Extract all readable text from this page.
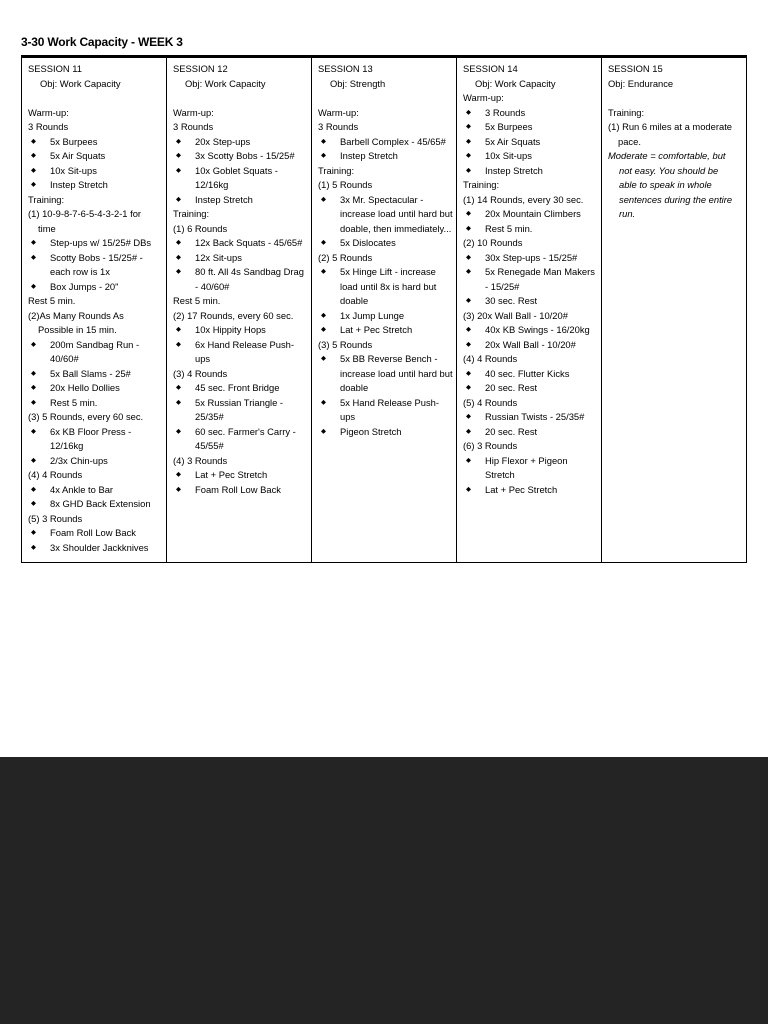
3-30 Work Capacity - WEEK 3
SESSION 11
Obj: Work Capacity

Warm-up:
3 Rounds
◆ 5x Burpees
◆ 5x Air Squats
◆ 10x Sit-ups
◆ Instep Stretch
Training:
(1) 10-9-8-7-6-5-4-3-2-1 for
time
◆ Step-ups w/ 15/25# DBs
◆ Scotty Bobs - 15/25# -
each row is 1x
◆ Box Jumps - 20"
Rest 5 min.
(2)As Many Rounds As
Possible in 15 min.
◆ 200m Sandbag Run -
40/60#
◆ 5x Ball Slams - 25#
◆ 20x Hello Dollies
◆ Rest 5 min.
(3) 5 Rounds, every 60 sec.
◆ 6x KB Floor Press -
12/16kg
◆ 2/3x Chin-ups
(4) 4 Rounds
◆ 4x Ankle to Bar
◆ 8x GHD Back Extension
(5) 3 Rounds
◆ Foam Roll Low Back
◆ 3x Shoulder Jackknives
SESSION 12
Obj: Work Capacity

Warm-up:
3 Rounds
◆ 20x Step-ups
◆ 3x Scotty Bobs - 15/25#
◆ 10x Goblet Squats -
12/16kg
◆ Instep Stretch
Training:
(1) 6 Rounds
◆ 12x Back Squats - 45/65#
◆ 12x Sit-ups
◆ 80 ft. All 4s Sandbag Drag
- 40/60#
Rest 5 min.
(2) 17 Rounds, every 60 sec.
◆ 10x Hippity Hops
◆ 6x Hand Release Push-
ups
(3) 4 Rounds
◆ 45 sec. Front Bridge
◆ 5x Russian Triangle -
25/35#
◆ 60 sec. Farmer's Carry -
45/55#
(4) 3 Rounds
◆ Lat + Pec Stretch
◆ Foam Roll Low Back
SESSION 13
Obj: Strength

Warm-up:
3 Rounds
◆ Barbell Complex - 45/65#
◆ Instep Stretch
Training:
(1) 5 Rounds
◆ 3x Mr. Spectacular -
increase load until hard but
doable, then immediately...
◆ 5x Dislocates
(2) 5 Rounds
◆ 5x Hinge Lift - increase
load until 8x is hard but
doable
◆ 1x Jump Lunge
◆ Lat + Pec Stretch
(3) 5 Rounds
◆ 5x BB Reverse Bench -
increase load until hard but
doable
◆ 5x Hand Release Push-
ups
◆ Pigeon Stretch
SESSION 14
Obj: Work Capacity
Warm-up:
◆ 3 Rounds
◆ 5x Burpees
◆ 5x Air Squats
◆ 10x Sit-ups
◆ Instep Stretch
Training:
(1) 14 Rounds, every 30 sec.
◆ 20x Mountain Climbers
◆ Rest 5 min.
(2) 10 Rounds
◆ 30x Step-ups - 15/25#
◆ 5x Renegade Man Makers
- 15/25#
◆ 30 sec. Rest
(3) 20x Wall Ball - 10/20#
◆ 40x KB Swings - 16/20kg
◆ 20x Wall Ball - 10/20#
(4) 4 Rounds
◆ 40 sec. Flutter Kicks
◆ 20 sec. Rest
(5) 4 Rounds
◆ Russian Twists - 25/35#
◆ 20 sec. Rest
(6) 3 Rounds
◆ Hip Flexor + Pigeon
Stretch
◆ Lat + Pec Stretch
SESSION 15
Obj: Endurance

Training:
(1) Run 6 miles at a moderate
pace.
Moderate = comfortable, but
not easy. You should be
able to speak in whole
sentences during the entire
run.
